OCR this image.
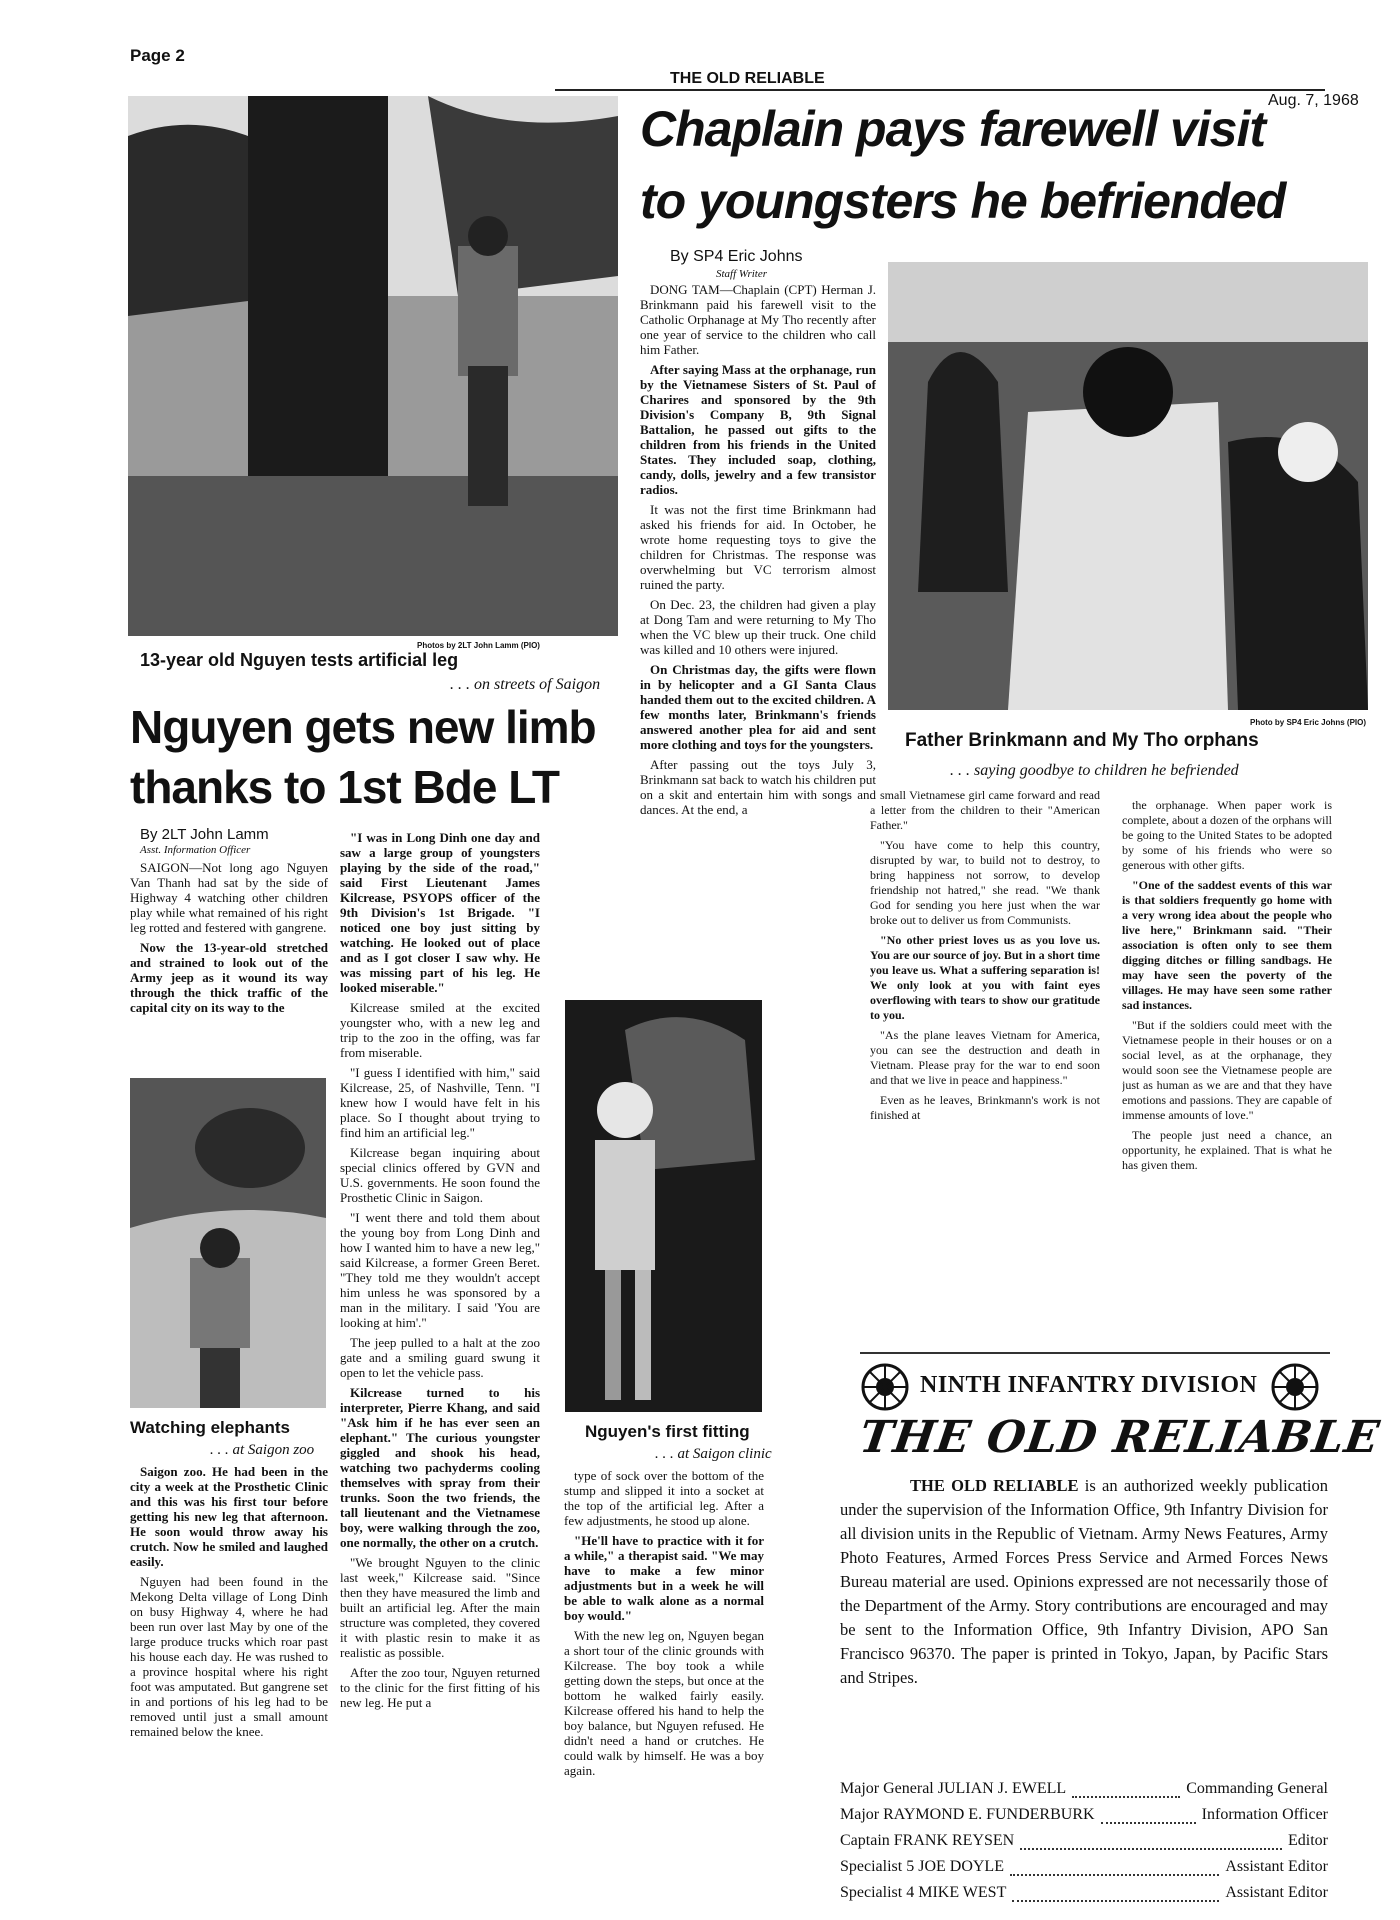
Page 2
THE OLD RELIABLE
Aug. 7, 1968
Photos by 2LT John Lamm (PIO)
13-year old Nguyen tests artificial leg
. . . on streets of Saigon
Nguyen gets new limb
thanks to 1st Bde LT
By 2LT John Lamm
Asst. Information Officer

SAIGON—Not long ago Nguyen Van Thanh had sat by the side of Highway 4 watching other children play while what remained of his right leg rotted and festered with gangrene.

Now the 13-year-old stretched and strained to look out of the Army jeep as it wound its way through the thick traffic of the capital city on its way to the

Watching elephants
. . . at Saigon zoo

Saigon zoo. He had been in the city a week at the Prosthetic Clinic and this was his first tour before getting his new leg that afternoon. He soon would throw away his crutch. Now he smiled and laughed easily.

Nguyen had been found in the Mekong Delta village of Long Dinh on busy Highway 4, where he had been run over last May by one of the large produce trucks which roar past his house each day. He was rushed to a province hospital where his right foot was amputated. But gangrene set in and portions of his leg had to be removed until just a small amount remained below the knee.

"I was in Long Dinh one day and saw a large group of youngsters playing by the side of the road," said First Lieutenant James Kilcrease, PSYOPS officer of the 9th Division's 1st Brigade. "I noticed one boy just sitting by watching. He looked out of place and as I got closer I saw why. He was missing part of his leg. He looked miserable."

Kilcrease smiled at the excited youngster who, with a new leg and trip to the zoo in the offing, was far from miserable.

"I guess I identified with him," said Kilcrease, 25, of Nashville, Tenn. "I knew how I would have felt in his place. So I thought about trying to find him an artificial leg."

Kilcrease began inquiring about special clinics offered by GVN and U.S. governments. He soon found the Prosthetic Clinic in Saigon.

"I went there and told them about the young boy from Long Dinh and how I wanted him to have a new leg," said Kilcrease, a former Green Beret. "They told me they wouldn't accept him unless he was sponsored by a man in the military. I said 'You are looking at him'."

The jeep pulled to a halt at the zoo gate and a smiling guard swung it open to let the vehicle pass.

Kilcrease turned to his interpreter, Pierre Khang, and said "Ask him if he has ever seen an elephant." The curious youngster giggled and shook his head, watching two pachyderms cooling themselves with spray from their trunks. Soon the two friends, the tall lieutenant and the Vietnamese boy, were walking through the zoo, one normally, the other on a crutch.

"We brought Nguyen to the clinic last week," Kilcrease said. "Since then they have measured the limb and built an artificial leg. After the main structure was completed, they covered it with plastic resin to make it as realistic as possible.

After the zoo tour, Nguyen returned to the clinic for the first fitting of his new leg. He put a

Nguyen's first fitting
. . . at Saigon clinic

type of sock over the bottom of the stump and slipped it into a socket at the top of the artificial leg. After a few adjustments, he stood up alone.

"He'll have to practice with it for a while," a therapist said. "We may have to make a few minor adjustments but in a week he will be able to walk alone as a normal boy would."

With the new leg on, Nguyen began a short tour of the clinic grounds with Kilcrease. The boy took a while getting down the steps, but once at the bottom he walked fairly easily. Kilcrease offered his hand to help the boy balance, but Nguyen refused. He didn't need a hand or crutches. He could walk by himself. He was a boy again.

Chaplain pays farewell visit
to youngsters he befriended
By SP4 Eric Johns
Staff Writer

DONG TAM—Chaplain (CPT) Herman J. Brinkmann paid his farewell visit to the Catholic Orphanage at My Tho recently after one year of service to the children who call him Father.

After saying Mass at the orphanage, run by the Vietnamese Sisters of St. Paul of Charires and sponsored by the 9th Division's Company B, 9th Signal Battalion, he passed out gifts to the children from his friends in the United States. They included soap, clothing, candy, dolls, jewelry and a few transistor radios.

It was not the first time Brinkmann had asked his friends for aid. In October, he wrote home requesting toys to give the children for Christmas. The response was overwhelming but VC terrorism almost ruined the party.

On Dec. 23, the children had given a play at Dong Tam and were returning to My Tho when the VC blew up their truck. One child was killed and 10 others were injured.

On Christmas day, the gifts were flown in by helicopter and a GI Santa Claus handed them out to the excited children. A few months later, Brinkmann's friends answered another plea for aid and sent more clothing and toys for the youngsters.

After passing out the toys July 3, Brinkmann sat back to watch his children put on a skit and entertain him with songs and dances. At the end, a

Photo by SP4 Eric Johns (PIO)
Father Brinkmann and My Tho orphans
. . . saying goodbye to children he befriended

small Vietnamese girl came forward and read a letter from the children to their "American Father."

"You have come to help this country, disrupted by war, to build not to destroy, to bring happiness not sorrow, to develop friendship not hatred," she read. "We thank God for sending you here just when the war broke out to deliver us from Communists.

"No other priest loves us as you love us. You are our source of joy. But in a short time you leave us. What a suffering separation is! We only look at you with faint eyes overflowing with tears to show our gratitude to you.

"As the plane leaves Vietnam for America, you can see the destruction and death in Vietnam. Please pray for the war to end soon and that we live in peace and happiness."

Even as he leaves, Brinkmann's work is not finished at

the orphanage. When paper work is complete, about a dozen of the orphans will be going to the United States to be adopted by some of his friends who were so generous with other gifts.

"One of the saddest events of this war is that soldiers frequently go home with a very wrong idea about the people who live here," Brinkmann said. "Their association is often only to see them digging ditches or filling sandbags. He may have seen the poverty of the villages. He may have seen some rather sad instances.

"But if the soldiers could meet with the Vietnamese people in their houses or on a social level, as at the orphanage, they would soon see the Vietnamese people are just as human as we are and that they have emotions and passions. They are capable of immense amounts of love."

The people just need a chance, an opportunity, he explained. That is what he has given them.

NINTH INFANTRY DIVISION
THE OLD RELIABLE
THE OLD RELIABLE is an authorized weekly publication under the supervision of the Information Office, 9th Infantry Division for all division units in the Republic of Vietnam. Army News Features, Army Photo Features, Armed Forces Press Service and Armed Forces News Bureau material are used. Opinions expressed are not necessarily those of the Department of the Army. Story contributions are encouraged and may be sent to the Information Office, 9th Infantry Division, APO San Francisco 96370. The paper is printed in Tokyo, Japan, by Pacific Stars and Stripes.
Major General JULIAN J. EWELL	Commanding General
Major RAYMOND E. FUNDERBURK	Information Officer
Captain FRANK REYSEN	Editor
Specialist 5 JOE DOYLE	Assistant Editor
Specialist 4 MIKE WEST	Assistant Editor
